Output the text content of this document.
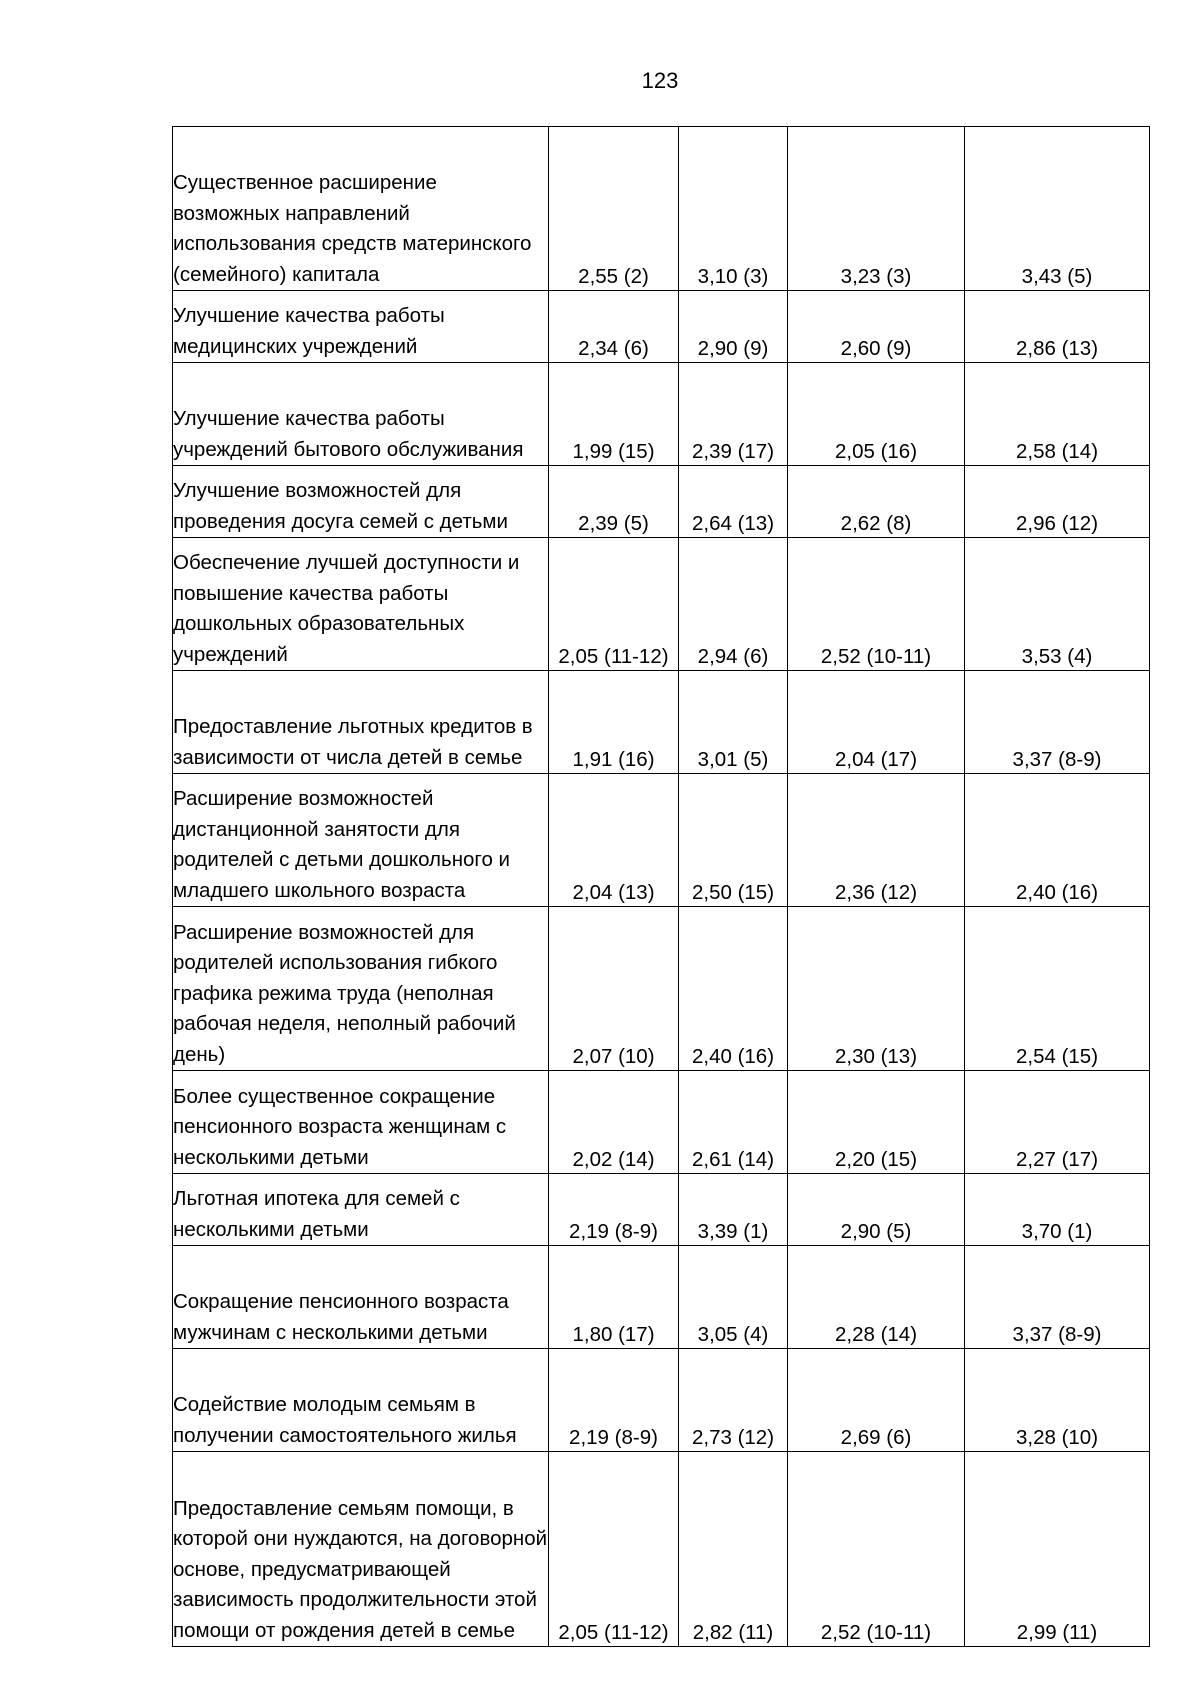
123
Существенное расширение возможных направлений использования средств материнского (семейного) капитала	2,55 (2)	3,10 (3)	3,23 (3)	3,43 (5)
Улучшение качества работы медицинских учреждений	2,34 (6)	2,90 (9)	2,60 (9)	2,86 (13)
Улучшение качества работы учреждений бытового обслуживания	1,99 (15)	2,39 (17)	2,05 (16)	2,58 (14)
Улучшение возможностей для проведения досуга семей с детьми	2,39 (5)	2,64 (13)	2,62 (8)	2,96 (12)
Обеспечение лучшей доступности и повышение качества работы дошкольных образовательных учреждений	2,05 (11-12)	2,94 (6)	2,52 (10-11)	3,53 (4)
Предоставление льготных кредитов в зависимости от числа детей в семье	1,91 (16)	3,01 (5)	2,04 (17)	3,37 (8-9)
Расширение возможностей дистанционной занятости для родителей с детьми дошкольного и младшего школьного возраста	2,04 (13)	2,50 (15)	2,36 (12)	2,40 (16)
Расширение возможностей для родителей использования гибкого графика режима труда (неполная рабочая неделя, неполный рабочий день)	2,07 (10)	2,40 (16)	2,30 (13)	2,54 (15)
Более существенное сокращение пенсионного возраста женщинам с несколькими детьми	2,02 (14)	2,61 (14)	2,20 (15)	2,27 (17)
Льготная ипотека для семей с несколькими детьми	2,19 (8-9)	3,39 (1)	2,90 (5)	3,70 (1)
Сокращение пенсионного возраста мужчинам с несколькими детьми	1,80 (17)	3,05 (4)	2,28 (14)	3,37 (8-9)
Содействие молодым семьям в получении самостоятельного жилья	2,19 (8-9)	2,73 (12)	2,69 (6)	3,28 (10)
Предоставление семьям помощи, в которой они нуждаются, на договорной основе, предусматривающей зависимость продолжительности этой помощи от рождения детей в семье	2,05 (11-12)	2,82 (11)	2,52 (10-11)	2,99 (11)
